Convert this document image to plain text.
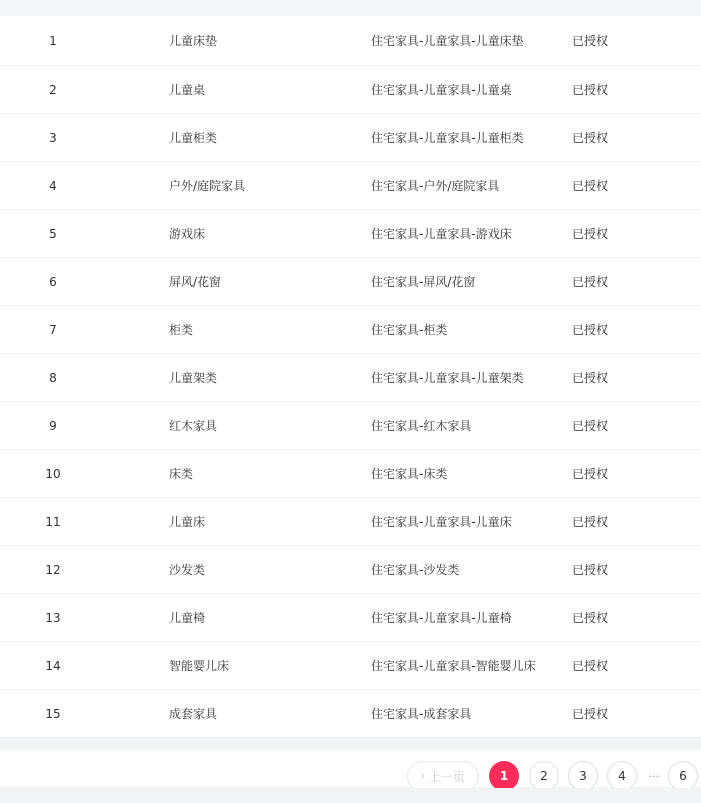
1	儿童床垫	住宅家具-儿童家具-儿童床垫	已授权
2	儿童桌	住宅家具-儿童家具-儿童桌	已授权
3	儿童柜类	住宅家具-儿童家具-儿童柜类	已授权
4	户外/庭院家具	住宅家具-户外/庭院家具	已授权
5	游戏床	住宅家具-儿童家具-游戏床	已授权
6	屏风/花窗	住宅家具-屏风/花窗	已授权
7	柜类	住宅家具-柜类	已授权
8	儿童架类	住宅家具-儿童家具-儿童架类	已授权
9	红木家具	住宅家具-红木家具	已授权
10	床类	住宅家具-床类	已授权
11	儿童床	住宅家具-儿童家具-儿童床	已授权
12	沙发类	住宅家具-沙发类	已授权
13	儿童椅	住宅家具-儿童家具-儿童椅	已授权
14	智能婴儿床	住宅家具-儿童家具-智能婴儿床	已授权
15	成套家具	住宅家具-成套家具	已授权
‹ 上一页	1	2	3	4	···	6
